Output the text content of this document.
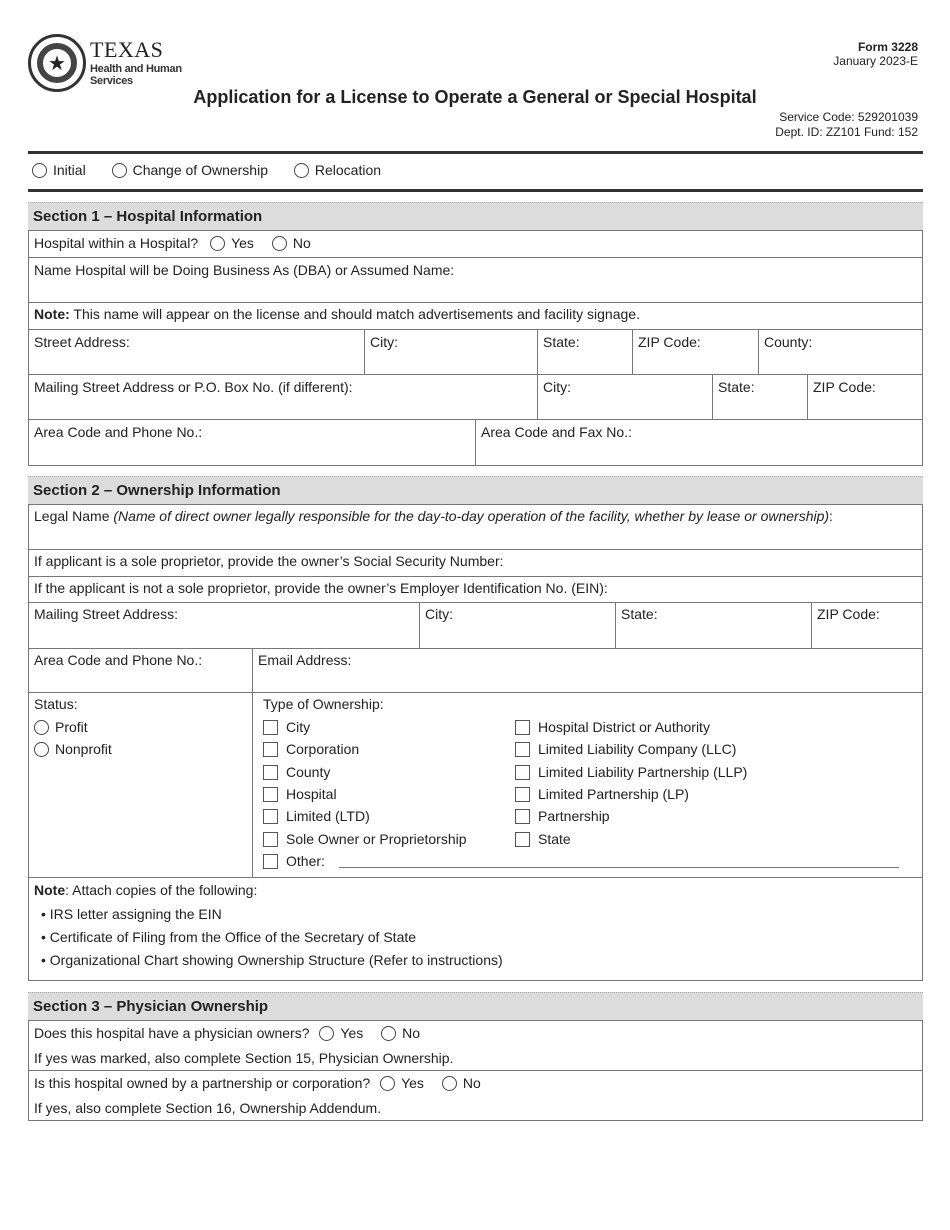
★
TEXAS
Health and Human Services
Form 3228
January 2023-E
Application for a License to Operate a General or Special Hospital
Service Code: 529201039
Dept. ID: ZZ101 Fund: 152
Initial	Change of Ownership	Relocation
Section 1 – Hospital Information
Hospital within a Hospital? Yes	No
Name Hospital will be Doing Business As (DBA) or Assumed Name:
Note: This name will appear on the license and should match advertisements and facility signage.
Street Address:	City:	State:	ZIP Code:	County:
Mailing Street Address or P.O. Box No. (if different):	City:	State:	ZIP Code:
Area Code and Phone No.:	Area Code and Fax No.:
Section 2 – Ownership Information
Legal Name (Name of direct owner legally responsible for the day-to-day operation of the facility, whether by lease or ownership):
If applicant is a sole proprietor, provide the owner’s Social Security Number:
If the applicant is not a sole proprietor, provide the owner’s Employer Identification No. (EIN):
Mailing Street Address:	City:	State:	ZIP Code:
Area Code and Phone No.:	Email Address:
Status:
Profit
Nonprofit
Type of Ownership:
City
Corporation
County
Hospital
Limited (LTD)
Sole Owner or Proprietorship
Other:
Hospital District or Authority
Limited Liability Company (LLC)
Limited Liability Partnership (LLP)
Limited Partnership (LP)
Partnership
State
Note: Attach copies of the following:
• IRS letter assigning the EIN
• Certificate of Filing from the Office of the Secretary of State
• Organizational Chart showing Ownership Structure (Refer to instructions)
Section 3 – Physician Ownership
Does this hospital have a physician owners? Yes	No
If yes was marked, also complete Section 15, Physician Ownership.
Is this hospital owned by a partnership or corporation? Yes	No
If yes, also complete Section 16, Ownership Addendum.
